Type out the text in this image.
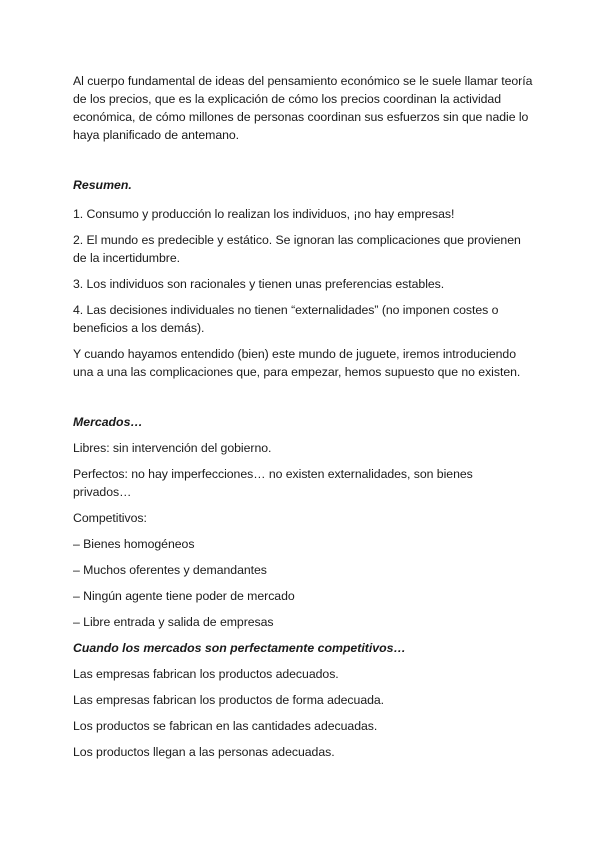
Al cuerpo fundamental de ideas del pensamiento económico se le suele llamar teoría de los precios, que es la explicación de cómo los precios coordinan la actividad económica, de cómo millones de personas coordinan sus esfuerzos sin que nadie lo haya planificado de antemano.

Resumen.

1. Consumo y producción lo realizan los individuos, ¡no hay empresas!

2. El mundo es predecible y estático. Se ignoran las complicaciones que provienen de la incertidumbre.

3. Los individuos son racionales y tienen unas preferencias estables.

4. Las decisiones individuales no tienen “externalidades” (no imponen costes o beneficios a los demás).

Y cuando hayamos entendido (bien) este mundo de juguete, iremos introduciendo una a una las complicaciones que, para empezar, hemos supuesto que no existen.

Mercados…

Libres: sin intervención del gobierno.

Perfectos: no hay imperfecciones… no existen externalidades, son bienes privados…

Competitivos:

– Bienes homogéneos

– Muchos oferentes y demandantes

– Ningún agente tiene poder de mercado

– Libre entrada y salida de empresas

Cuando los mercados son perfectamente competitivos…

Las empresas fabrican los productos adecuados.

Las empresas fabrican los productos de forma adecuada.

Los productos se fabrican en las cantidades adecuadas.

Los productos llegan a las personas adecuadas.
